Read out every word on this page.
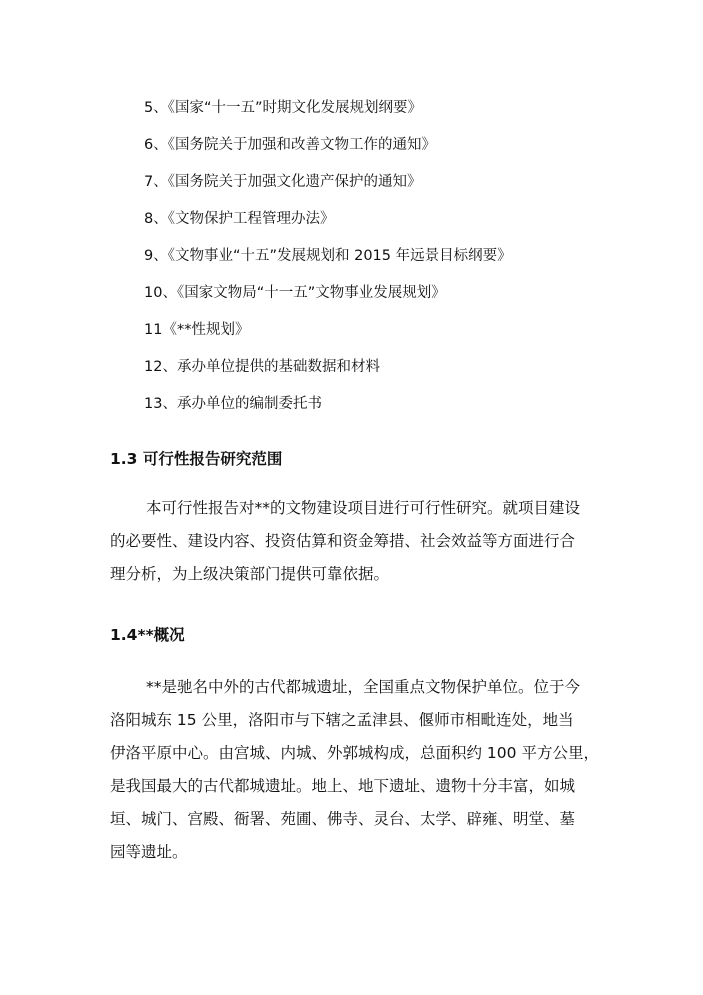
5、《国家“十一五”时期文化发展规划纲要》
6、《国务院关于加强和改善文物工作的通知》
7、《国务院关于加强文化遗产保护的通知》
8、《文物保护工程管理办法》
9、《文物事业“十五”发展规划和 2015 年远景目标纲要》
10、《国家文物局“十一五”文物事业发展规划》
11《**性规划》
12、承办单位提供的基础数据和材料
13、承办单位的编制委托书
1.3 可行性报告研究范围
本可行性报告对**的文物建设项目进行可行性研究。就项目建设
的必要性、建设内容、投资估算和资金筹措、社会效益等方面进行合
理分析，为上级决策部门提供可靠依据。
1.4**概况
**是驰名中外的古代都城遗址，全国重点文物保护单位。位于今
洛阳城东 15 公里，洛阳市与下辖之孟津县、偃师市相毗连处，地当
伊洛平原中心。由宫城、内城、外郭城构成，总面积约 100 平方公里，
是我国最大的古代都城遗址。地上、地下遗址、遗物十分丰富，如城
垣、城门、宫殿、衙署、苑圃、佛寺、灵台、太学、辟雍、明堂、墓
园等遗址。
